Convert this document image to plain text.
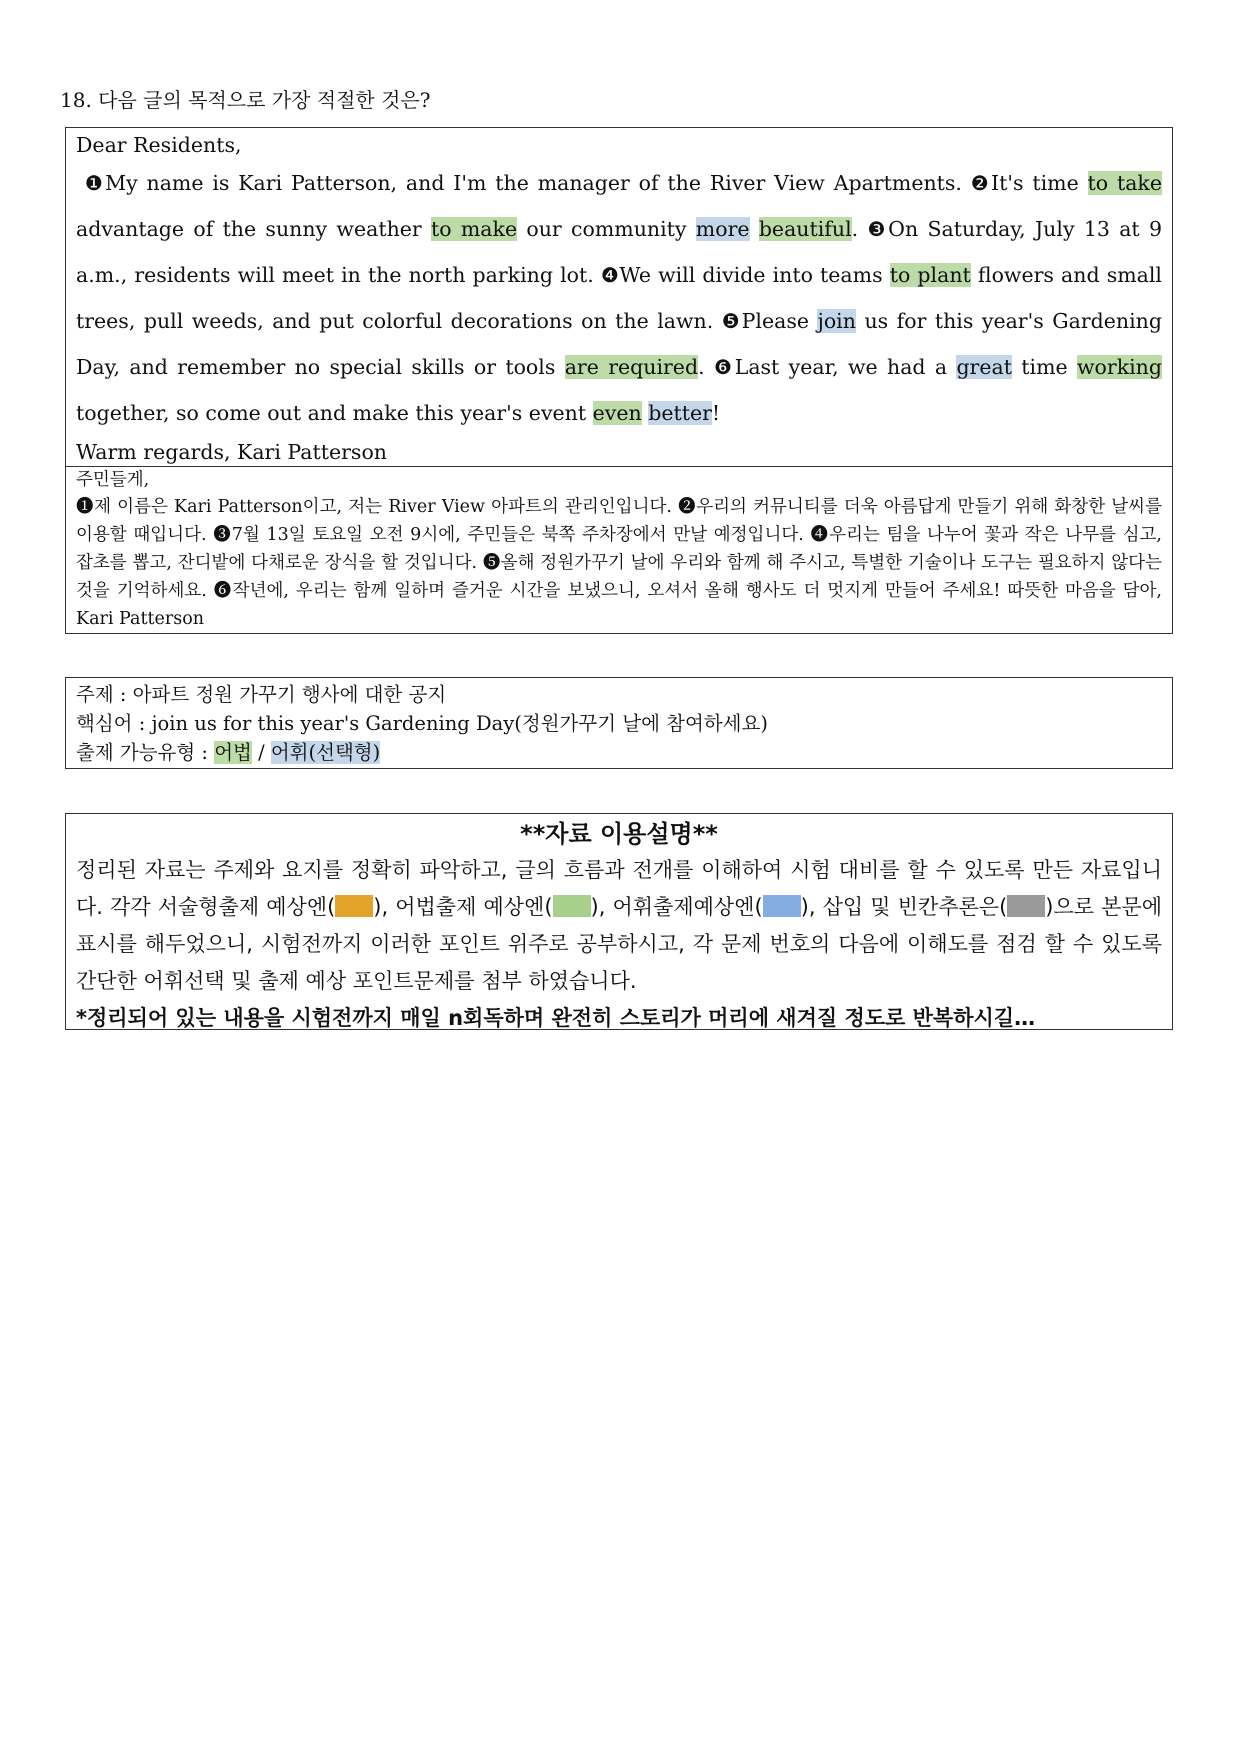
18. 다음 글의 목적으로 가장 적절한 것은?
Dear Residents,
❶My name is Kari Patterson, and I'm the manager of the River View Apartments. ❷It's time to take advantage of the sunny weather to make our community more beautiful. ❸On Saturday, July 13 at 9 a.m., residents will meet in the north parking lot. ❹We will divide into teams to plant flowers and small trees, pull weeds, and put colorful decorations on the lawn. ❺Please join us for this year's Gardening Day, and remember no special skills or tools are required. ❻Last year, we had a great time working together, so come out and make this year's event even better!
Warm regards, Kari Patterson
주민들게,
❶제 이름은 Kari Patterson이고, 저는 River View 아파트의 관리인입니다. ❷우리의 커뮤니티를 더욱 아름답게 만들기 위해 화창한 날씨를 이용할 때입니다. ❸7월 13일 토요일 오전 9시에, 주민들은 북쪽 주차장에서 만날 예정입니다. ❹우리는 팀을 나누어 꽃과 작은 나무를 심고, 잡초를 뽑고, 잔디밭에 다채로운 장식을 할 것입니다. ❺올해 정원가꾸기 날에 우리와 함께 해 주시고, 특별한 기술이나 도구는 필요하지 않다는 것을 기억하세요. ❻작년에, 우리는 함께 일하며 즐거운 시간을 보냈으니, 오셔서 올해 행사도 더 멋지게 만들어 주세요! 따뜻한 마음을 담아, Kari Patterson
주제 : 아파트 정원 가꾸기 행사에 대한 공지
핵심어 : join us for this year's Gardening Day(정원가꾸기 날에 참여하세요)
출제 가능유형 : 어법 / 어휘(선택형)
**자료 이용설명**
정리된 자료는 주제와 요지를 정확히 파악하고, 글의 흐름과 전개를 이해하여 시험 대비를 할 수 있도록 만든 자료입니다. 각각 서술형출제 예상엔( ), 어법출제 예상엔( ), 어휘출제예상엔( ), 삽입 및 빈칸추론은( )으로 본문에 표시를 해두었으니, 시험전까지 이러한 포인트 위주로 공부하시고, 각 문제 번호의 다음에 이해도를 점검 할 수 있도록 간단한 어휘선택 및 출제 예상 포인트문제를 첨부 하였습니다.
*정리되어 있는 내용을 시험전까지 매일 n회독하며 완전히 스토리가 머리에 새겨질 정도로 반복하시길…
